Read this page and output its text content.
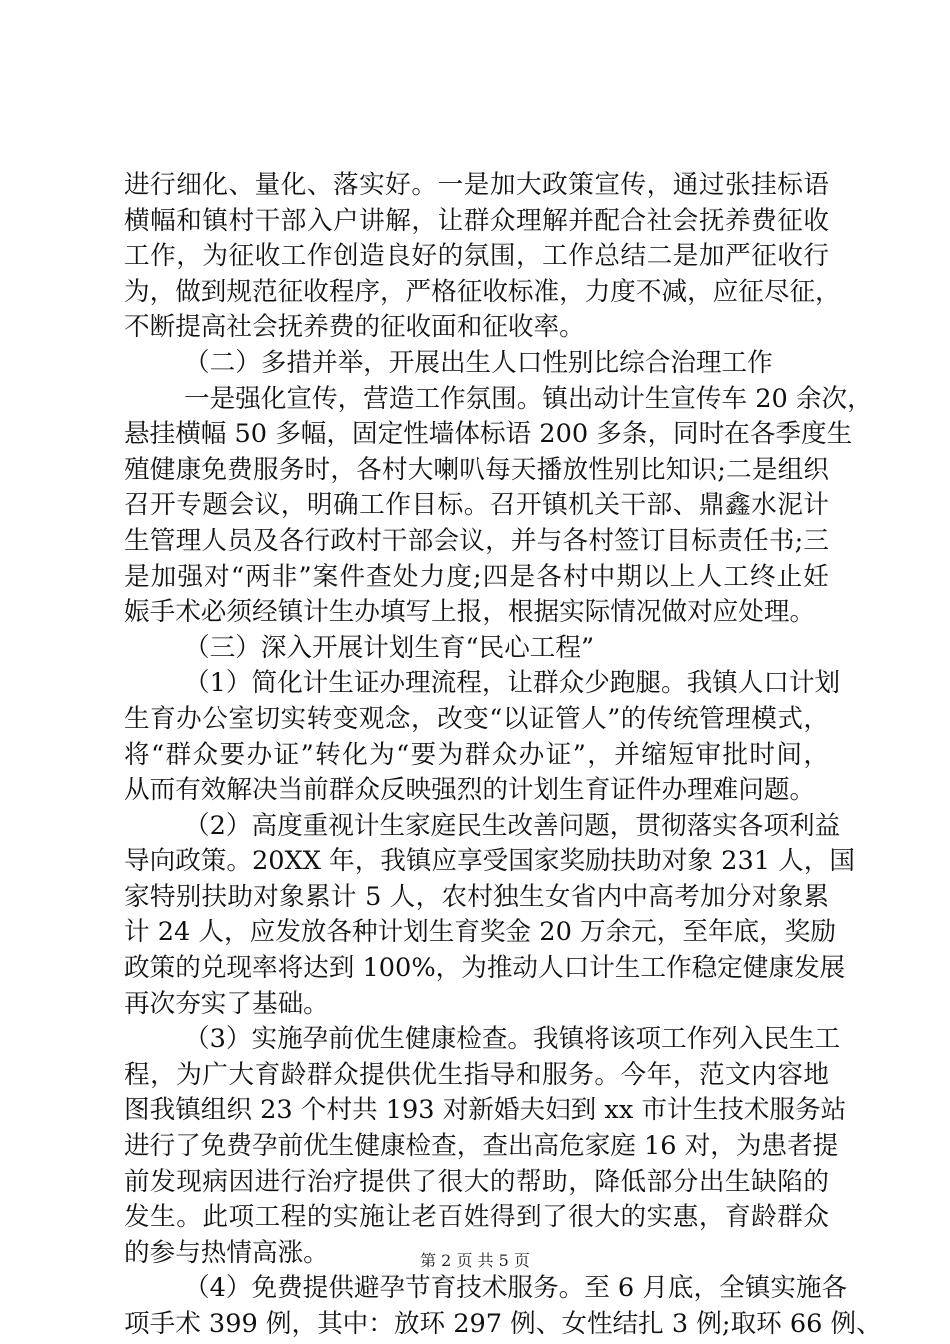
进行细化、量化、落实好。一是加大政策宣传，通过张挂标语
横幅和镇村干部入户讲解，让群众理解并配合社会抚养费征收
工作，为征收工作创造良好的氛围，工作总结二是加严征收行
为，做到规范征收程序，严格征收标准，力度不减，应征尽征，
不断提高社会抚养费的征收面和征收率。
（二）多措并举，开展出生人口性别比综合治理工作
一是强化宣传，营造工作氛围。镇出动计生宣传车 20 余次，
悬挂横幅 50 多幅，固定性墙体标语 200 多条，同时在各季度生
殖健康免费服务时，各村大喇叭每天播放性别比知识;二是组织
召开专题会议，明确工作目标。召开镇机关干部、鼎鑫水泥计
生管理人员及各行政村干部会议，并与各村签订目标责任书;三
是加强对“两非”案件查处力度;四是各村中期以上人工终止妊
娠手术必须经镇计生办填写上报，根据实际情况做对应处理。
（三）深入开展计划生育“民心工程”
（1）简化计生证办理流程，让群众少跑腿。我镇人口计划
生育办公室切实转变观念，改变“以证管人”的传统管理模式，
将“群众要办证”转化为“要为群众办证”，并缩短审批时间，
从而有效解决当前群众反映强烈的计划生育证件办理难问题。
（2）高度重视计生家庭民生改善问题，贯彻落实各项利益
导向政策。20XX 年，我镇应享受国家奖励扶助对象 231 人，国
家特别扶助对象累计 5 人，农村独生女省内中高考加分对象累
计 24 人，应发放各种计划生育奖金 20 万余元，至年底，奖励
政策的兑现率将达到 100%，为推动人口计生工作稳定健康发展
再次夯实了基础。
（3）实施孕前优生健康检查。我镇将该项工作列入民生工
程，为广大育龄群众提供优生指导和服务。今年，范文内容地
图我镇组织 23 个村共 193 对新婚夫妇到 xx 市计生技术服务站
进行了免费孕前优生健康检查，查出高危家庭 16 对，为患者提
前发现病因进行治疗提供了很大的帮助，降低部分出生缺陷的
发生。此项工程的实施让老百姓得到了很大的实惠，育龄群众
的参与热情高涨。
（4）免费提供避孕节育技术服务。至 6 月底，全镇实施各
项手术 399 例，其中：放环 297 例、女性结扎 3 例;取环 66 例、
第 2 页 共 5 页
